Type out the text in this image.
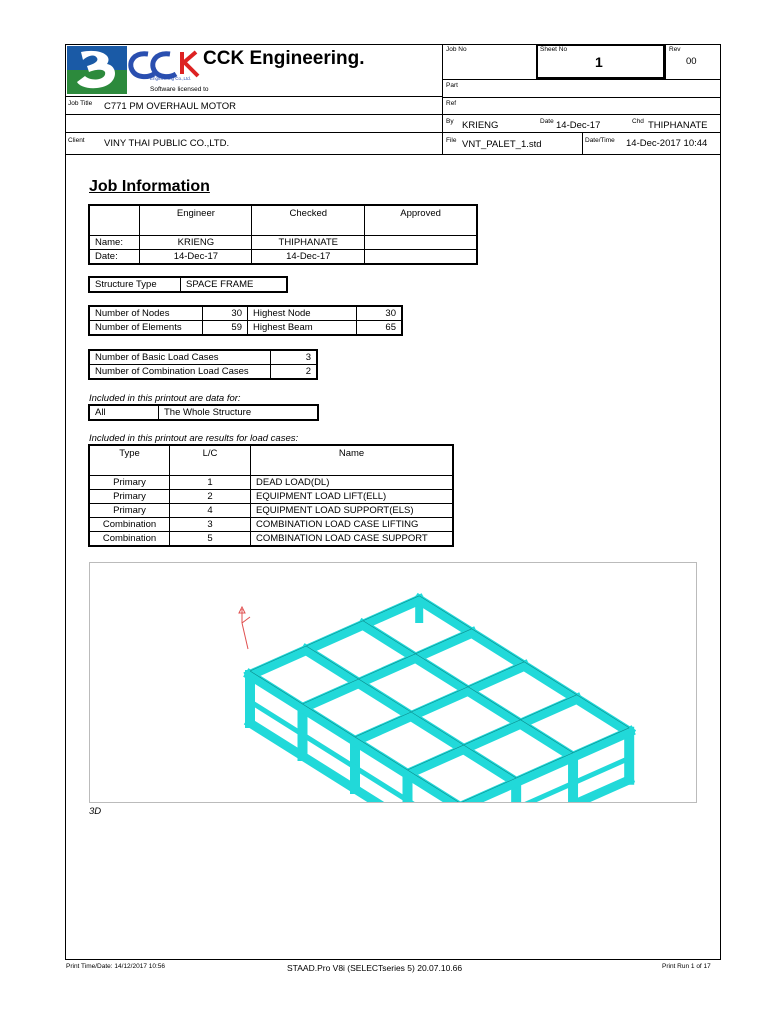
Engineering Co.,Ltd.
CCK Engineering.
Software licensed to
Job No	Sheet No
1
Rev
00
Part
Ref
By KRIENG	Date 14-Dec-17	Chd THIPHANATE
Job Title C771 PM OVERHAUL MOTOR
Client VINY THAI PUBLIC CO.,LTD.	File VNT_PALET_1.std	Date/Time 14-Dec-2017 10:44
Job Information
	Engineer	Checked	Approved
Name:	KRIENG	THIPHANATE	
Date:	14-Dec-17	14-Dec-17	
Structure Type	SPACE FRAME
Number of Nodes	30	Highest Node	30
Number of Elements	59	Highest Beam	65
Number of Basic Load Cases	3
Number of Combination Load Cases	2
Included in this printout are data for:
All	The Whole Structure
Included in this printout are results for load cases:
Type	L/C	Name
Primary	1	DEAD LOAD(DL)
Primary	2	EQUIPMENT LOAD LIFT(ELL)
Primary	4	EQUIPMENT LOAD SUPPORT(ELS)
Combination	3	COMBINATION LOAD CASE LIFTING
Combination	5	COMBINATION LOAD CASE SUPPORT
3D
Print Time/Date: 14/12/2017 10:56	STAAD.Pro V8i (SELECTseries 5) 20.07.10.66	Print Run 1 of 17
